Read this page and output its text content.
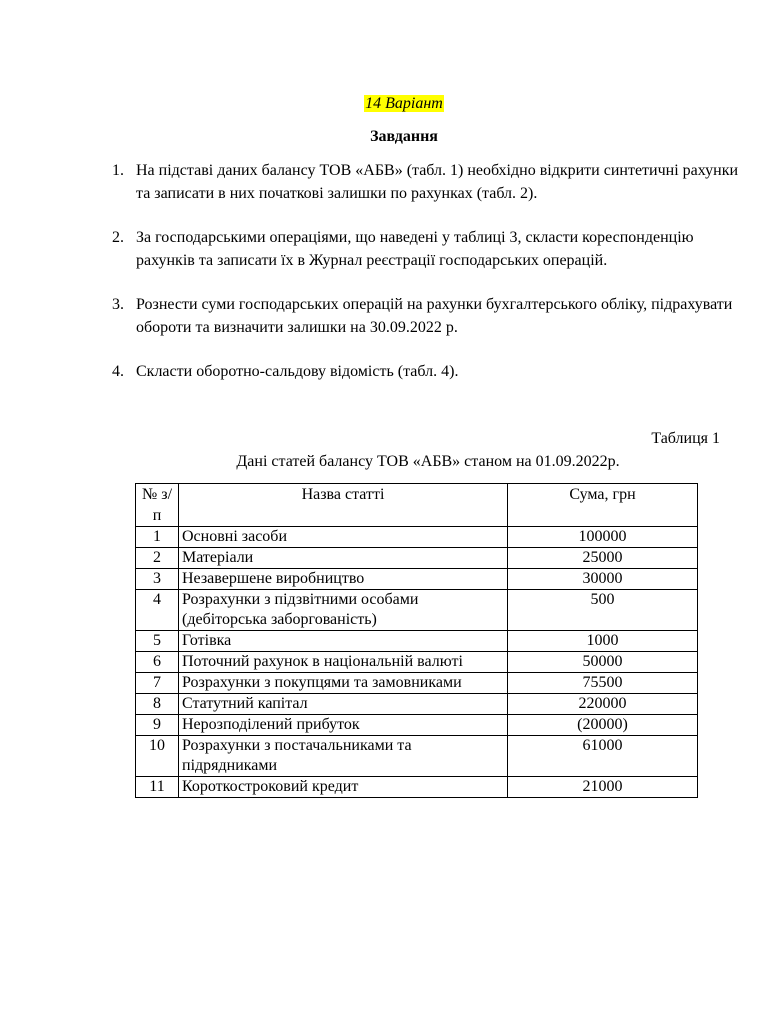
14 Варіант
Завдання
1. На підставі даних балансу ТОВ «АБВ» (табл. 1) необхідно відкрити синтетичні рахунки та записати в них початкові залишки по рахунках (табл. 2).
2. За господарськими операціями, що наведені у таблиці 3, скласти кореспонденцію рахунків та записати їх в Журнал реєстрації господарських операцій.
3. Рознести суми господарських операцій на рахунки бухгалтерського обліку, підрахувати обороти та визначити залишки на 30.09.2022 р.
4. Скласти оборотно-сальдову відомість (табл. 4).
Таблиця 1
Дані статей балансу ТОВ «АБВ» станом на 01.09.2022р.
№ з/п	Назва статті	Сума, грн
1	Основні засоби	100000
2	Матеріали	25000
3	Незавершене виробництво	30000
4	Розрахунки з підзвітними особами (дебіторська заборгованість)	500
5	Готівка	1000
6	Поточний рахунок в національній валюті	50000
7	Розрахунки з покупцями та замовниками	75500
8	Статутний капітал	220000
9	Нерозподілений прибуток	(20000)
10	Розрахунки з постачальниками та підрядниками	61000
11	Короткостроковий кредит	21000
